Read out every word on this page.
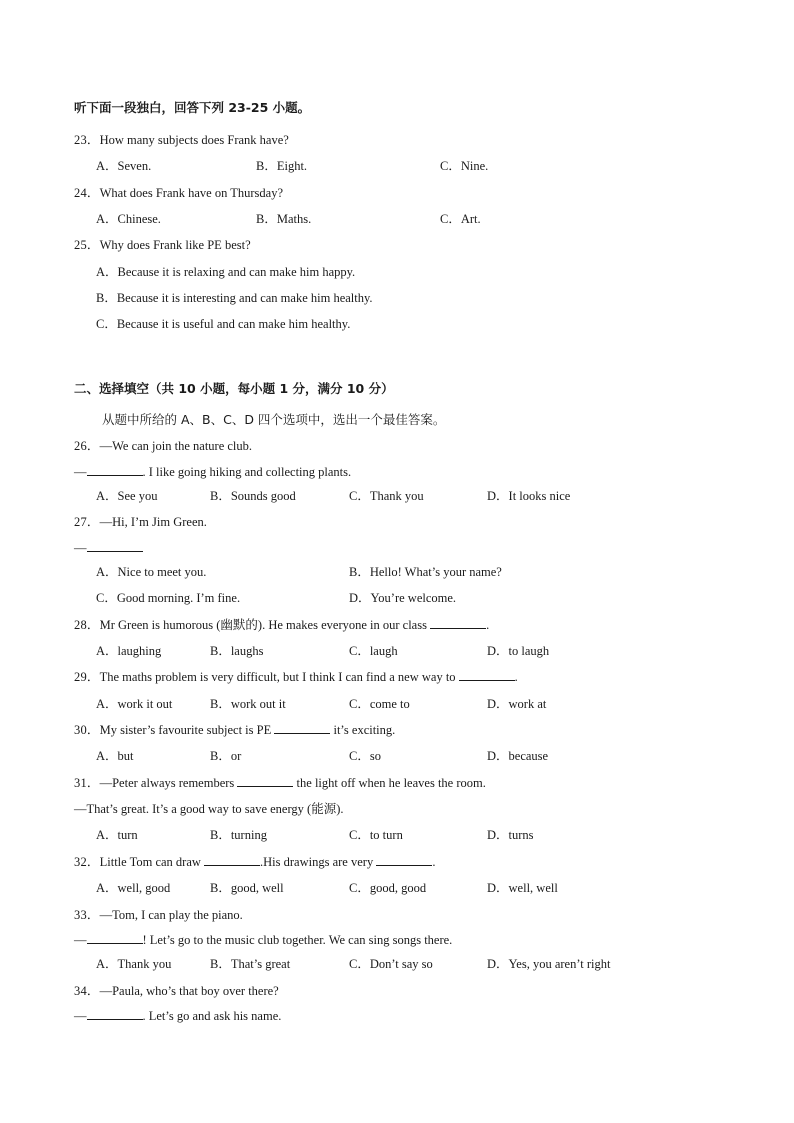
听下面一段独白，回答下列 23-25 小题。
23．How many subjects does Frank have?
A．Seven.	B．Eight.	C．Nine.
24．What does Frank have on Thursday?
A．Chinese.	B．Maths.	C．Art.
25．Why does Frank like PE best?
A．Because it is relaxing and can make him happy.
B．Because it is interesting and can make him healthy.
C．Because it is useful and can make him healthy.
二、选择填空（共 10 小题，每小题 1 分，满分 10 分）
从题中所给的 A、B、C、D 四个选项中，选出一个最佳答案。
26．—We can join the nature club.
—	. I like going hiking and collecting plants.
A．See you	B．Sounds good	C．Thank you	D．It looks nice
27．—Hi, I’m Jim Green.
—
A．Nice to meet you.	B．Hello! What’s your name?
C．Good morning. I’m fine.	D．You’re welcome.
28．Mr Green is humorous (幽默的). He makes everyone in our class	.
A．laughing	B．laughs	C．laugh	D．to laugh
29．The maths problem is very difficult, but I think I can find a new way to	.
A．work it out	B．work out it	C．come to	D．work at
30．My sister’s favourite subject is PE	it’s exciting.
A．but	B．or	C．so	D．because
31．—Peter always remembers	the light off when he leaves the room.
—That’s great. It’s a good way to save energy (能源).
A．turn	B．turning	C．to turn	D．turns
32．Little Tom can draw	.His drawings are very	.
A．well, good	B．good, well	C．good, good	D．well, well
33．—Tom, I can play the piano.
—	! Let’s go to the music club together. We can sing songs there.
A．Thank you	B．That’s great	C．Don’t say so	D．Yes, you aren’t right
34．—Paula, who’s that boy over there?
—	. Let’s go and ask his name.
